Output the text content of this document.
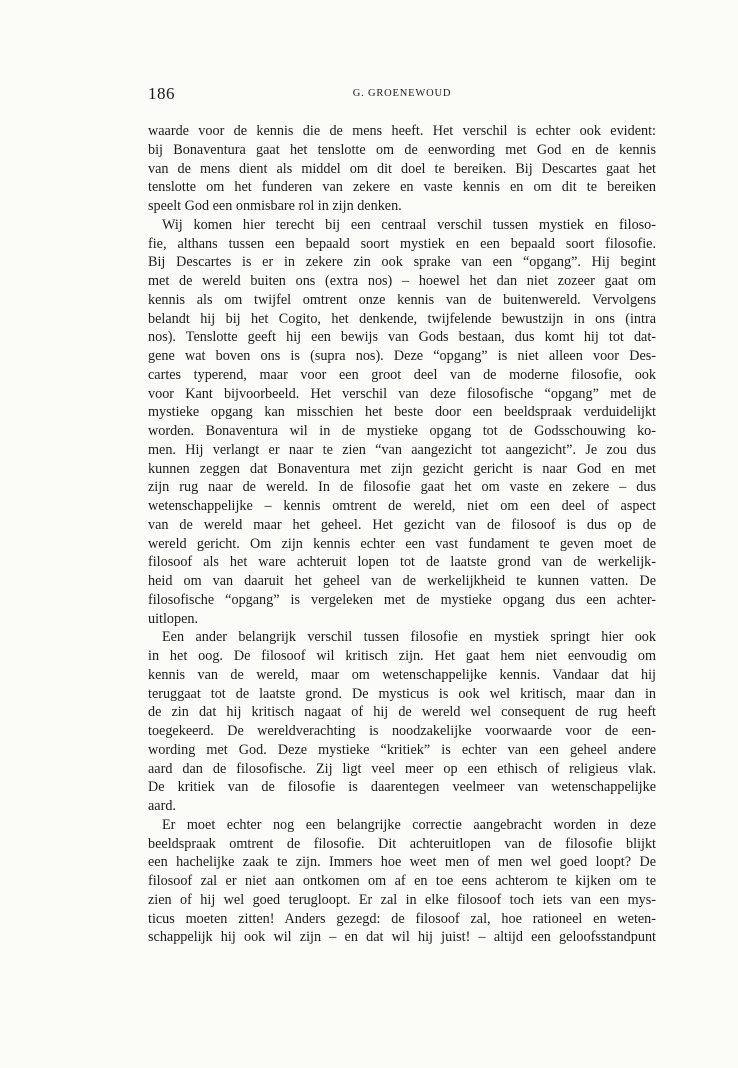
186	G. GROENEWOUD
waarde voor de kennis die de mens heeft. Het verschil is echter ook evident:
bij Bonaventura gaat het tenslotte om de eenwording met God en de kennis
van de mens dient als middel om dit doel te bereiken. Bij Descartes gaat het
tenslotte om het funderen van zekere en vaste kennis en om dit te bereiken
speelt God een onmisbare rol in zijn denken.
Wij komen hier terecht bij een centraal verschil tussen mystiek en filoso-
fie, althans tussen een bepaald soort mystiek en een bepaald soort filosofie.
Bij Descartes is er in zekere zin ook sprake van een “opgang”. Hij begint
met de wereld buiten ons (extra nos) – hoewel het dan niet zozeer gaat om
kennis als om twijfel omtrent onze kennis van de buitenwereld. Vervolgens
belandt hij bij het Cogito, het denkende, twijfelende bewustzijn in ons (intra
nos). Tenslotte geeft hij een bewijs van Gods bestaan, dus komt hij tot dat-
gene wat boven ons is (supra nos). Deze “opgang” is niet alleen voor Des-
cartes typerend, maar voor een groot deel van de moderne filosofie, ook
voor Kant bijvoorbeeld. Het verschil van deze filosofische “opgang” met de
mystieke opgang kan misschien het beste door een beeldspraak verduidelijkt
worden. Bonaventura wil in de mystieke opgang tot de Godsschouwing ko-
men. Hij verlangt er naar te zien “van aangezicht tot aangezicht”. Je zou dus
kunnen zeggen dat Bonaventura met zijn gezicht gericht is naar God en met
zijn rug naar de wereld. In de filosofie gaat het om vaste en zekere – dus
wetenschappelijke – kennis omtrent de wereld, niet om een deel of aspect
van de wereld maar het geheel. Het gezicht van de filosoof is dus op de
wereld gericht. Om zijn kennis echter een vast fundament te geven moet de
filosoof als het ware achteruit lopen tot de laatste grond van de werkelijk-
heid om van daaruit het geheel van de werkelijkheid te kunnen vatten. De
filosofische “opgang” is vergeleken met de mystieke opgang dus een achter-
uitlopen.
Een ander belangrijk verschil tussen filosofie en mystiek springt hier ook
in het oog. De filosoof wil kritisch zijn. Het gaat hem niet eenvoudig om
kennis van de wereld, maar om wetenschappelijke kennis. Vandaar dat hij
teruggaat tot de laatste grond. De mysticus is ook wel kritisch, maar dan in
de zin dat hij kritisch nagaat of hij de wereld wel consequent de rug heeft
toegekeerd. De wereldverachting is noodzakelijke voorwaarde voor de een-
wording met God. Deze mystieke “kritiek” is echter van een geheel andere
aard dan de filosofische. Zij ligt veel meer op een ethisch of religieus vlak.
De kritiek van de filosofie is daarentegen veelmeer van wetenschappelijke
aard.
Er moet echter nog een belangrijke correctie aangebracht worden in deze
beeldspraak omtrent de filosofie. Dit achteruitlopen van de filosofie blijkt
een hachelijke zaak te zijn. Immers hoe weet men of men wel goed loopt? De
filosoof zal er niet aan ontkomen om af en toe eens achterom te kijken om te
zien of hij wel goed terugloopt. Er zal in elke filosoof toch iets van een mys-
ticus moeten zitten! Anders gezegd: de filosoof zal, hoe rationeel en weten-
schappelijk hij ook wil zijn – en dat wil hij juist! – altijd een geloofsstandpunt
